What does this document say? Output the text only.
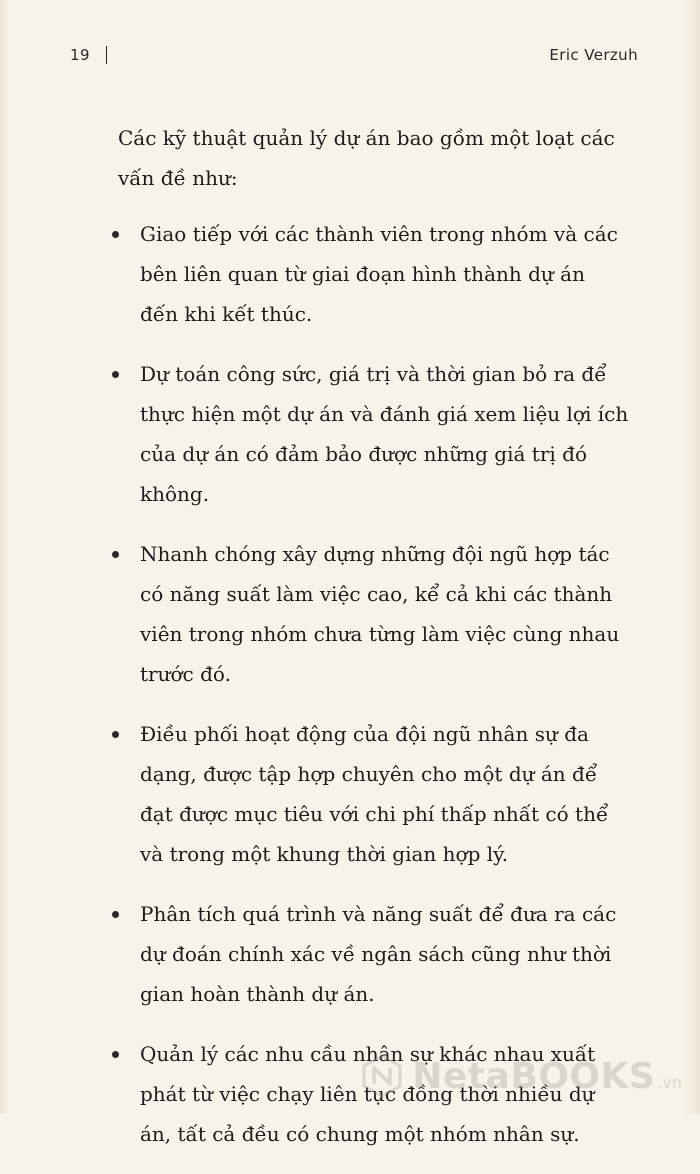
19	Eric Verzuh

Các kỹ thuật quản lý dự án bao gồm một loạt các vấn đề như:

Giao tiếp với các thành viên trong nhóm và các bên liên quan từ giai đoạn hình thành dự án đến khi kết thúc.
Dự toán công sức, giá trị và thời gian bỏ ra để thực hiện một dự án và đánh giá xem liệu lợi ích của dự án có đảm bảo được những giá trị đó không.
Nhanh chóng xây dựng những đội ngũ hợp tác có năng suất làm việc cao, kể cả khi các thành viên trong nhóm chưa từng làm việc cùng nhau trước đó.
Điều phối hoạt động của đội ngũ nhân sự đa dạng, được tập hợp chuyên cho một dự án để đạt được mục tiêu với chi phí thấp nhất có thể và trong một khung thời gian hợp lý.
Phân tích quá trình và năng suất để đưa ra các dự đoán chính xác về ngân sách cũng như thời gian hoàn thành dự án.
Quản lý các nhu cầu nhân sự khác nhau xuất phát từ việc chạy liên tục đồng thời nhiều dự án, tất cả đều có chung một nhóm nhân sự.
NetaBOOKS .vn
